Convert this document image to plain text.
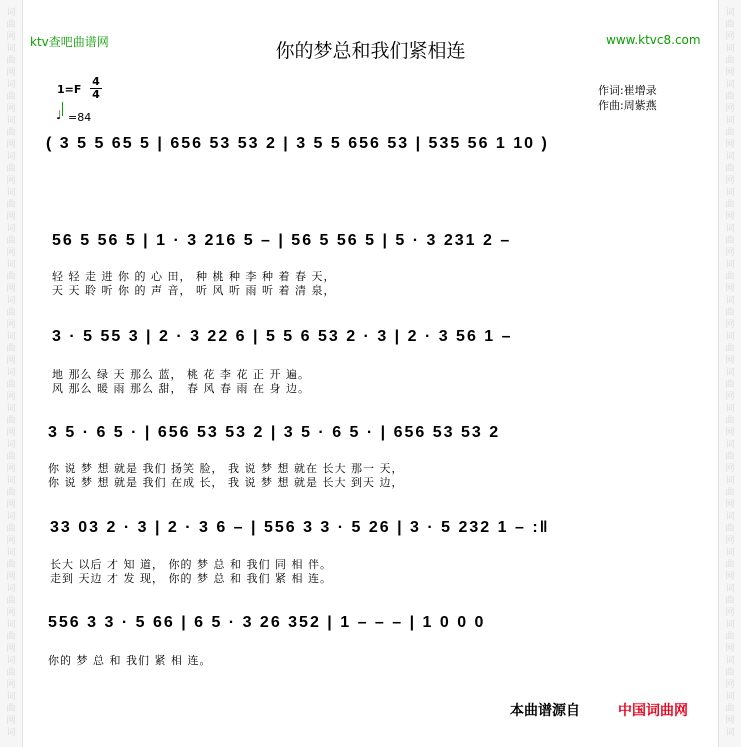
词
曲
网
词
曲
网
词
曲
网
词
曲
网
词
曲
网
词
曲
网
词
曲
网
词
曲
网
词
曲
网
词
曲
网
词
曲
网
词
曲
网
词
曲
网
词
曲
网
词
曲
网
词
曲
网
词
曲
网
词
曲
网
词
曲
网
词
曲
网
词
词
曲
网
词
曲
网
词
曲
网
词
曲
网
词
曲
网
词
曲
网
词
曲
网
词
曲
网
词
曲
网
词
曲
网
词
曲
网
词
曲
网
词
曲
网
词
曲
网
词
曲
网
词
曲
网
词
曲
网
词
曲
网
词
曲
网
词
曲
网
词
ktv查吧曲谱网	www.ktvc8.com
你的梦总和我们紧相连
1=F
4
4
♩ =84
作词:崔增录
作曲:周紫燕
( 3 5 5 65 5 | 656 53 53 2 | 3 5 5 656 53 | 535 56 1 10 )
56 5 56 5 | 1 · 3 216 5 – | 56 5 56 5 | 5 · 3 231 2 –
轻 轻 走 进 你 的 心 田， 种 桃 种 李 种 着 春 天，
天 天 聆 听 你 的 声 音， 听 风 听 雨 听 着 清 泉，
3 · 5 55 3 | 2 · 3 22 6 | 5 5 6 53 2 · 3 | 2 · 3 56 1 –
地 那么 绿 天 那么 蓝， 桃 花 李 花 正 开 遍。
风 那么 暖 雨 那么 甜， 春 风 春 雨 在 身 边。
3 5 · 6 5 · | 656 53 53 2 | 3 5 · 6 5 · | 656 53 53 2
你 说 梦 想 就是 我们 扬笑 脸， 我 说 梦 想 就在 长大 那一 天，
你 说 梦 想 就是 我们 在成 长， 我 说 梦 想 就是 长大 到天 边，
33 03 2 · 3 | 2 · 3 6 – | 556 3 3 · 5 26 | 3 · 5 232 1 – :‖
长大 以后 才 知 道， 你的 梦 总 和 我们 同 相 伴。
走到 天边 才 发 现， 你的 梦 总 和 我们 紧 相 连。
556 3 3 · 5 66 | 6 5 · 3 26 352 | 1 – – – | 1 0 0 0
你的 梦 总 和 我们 紧 相 连。
本曲谱源自	中国词曲网
